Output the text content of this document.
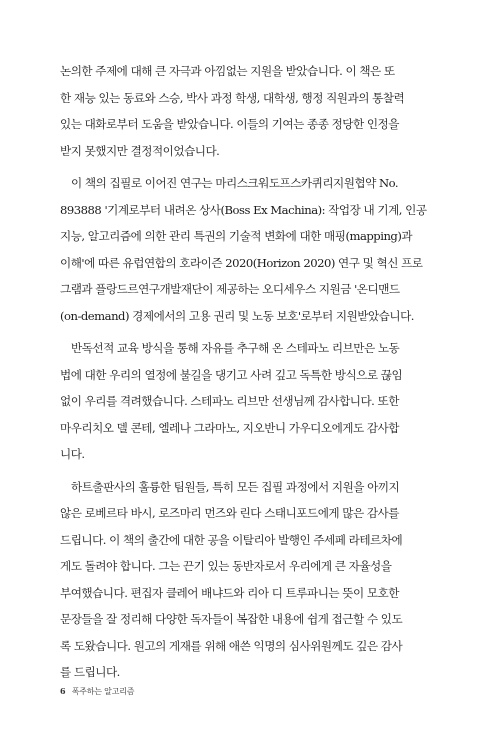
논의한 주제에 대해 큰 자극과 아낌없는 지원을 받았습니다. 이 책은 또
한 재능 있는 동료와 스승, 박사 과정 학생, 대학생, 행정 직원과의 통찰력
있는 대화로부터 도움을 받았습니다. 이들의 기여는 종종 정당한 인정을
받지 못했지만 결정적이었습니다.
이 책의 집필로 이어진 연구는 마리스크워도프스카퀴리지원협약 No.
893888 '기계로부터 내려온 상사(Boss Ex Machina): 작업장 내 기계, 인공
지능, 알고리즘에 의한 관리 특권의 기술적 변화에 대한 매핑(mapping)과
이해'에 따른 유럽연합의 호라이즌 2020(Horizon 2020) 연구 및 혁신 프로
그램과 플랑드르연구개발재단이 제공하는 오디세우스 지원금 '온디맨드
(on-demand) 경제에서의 고용 권리 및 노동 보호'로부터 지원받았습니다.
반독선적 교육 방식을 통해 자유를 추구해 온 스테파노 리브만은 노동
법에 대한 우리의 열정에 불길을 댕기고 사려 깊고 독특한 방식으로 끊임
없이 우리를 격려했습니다. 스테파노 리브만 선생님께 감사합니다. 또한
마우리치오 델 콘테, 엘레나 그라마노, 지오반니 가우디오에게도 감사합
니다.
하트출판사의 훌륭한 팀원들, 특히 모든 집필 과정에서 지원을 아끼지
않은 로베르타 바시, 로즈마리 먼즈와 린다 스태니포드에게 많은 감사를
드립니다. 이 책의 출간에 대한 공을 이탈리아 발행인 주세페 라테르차에
게도 돌려야 합니다. 그는 끈기 있는 동반자로서 우리에게 큰 자율성을
부여했습니다. 편집자 클레어 배냐드와 리아 디 트루파니는 뜻이 모호한
문장들을 잘 정리해 다양한 독자들이 복잡한 내용에 쉽게 접근할 수 있도
록 도왔습니다. 원고의 게재를 위해 애쓴 익명의 심사위원께도 깊은 감사
를 드립니다.
6 폭주하는 알고리즘
